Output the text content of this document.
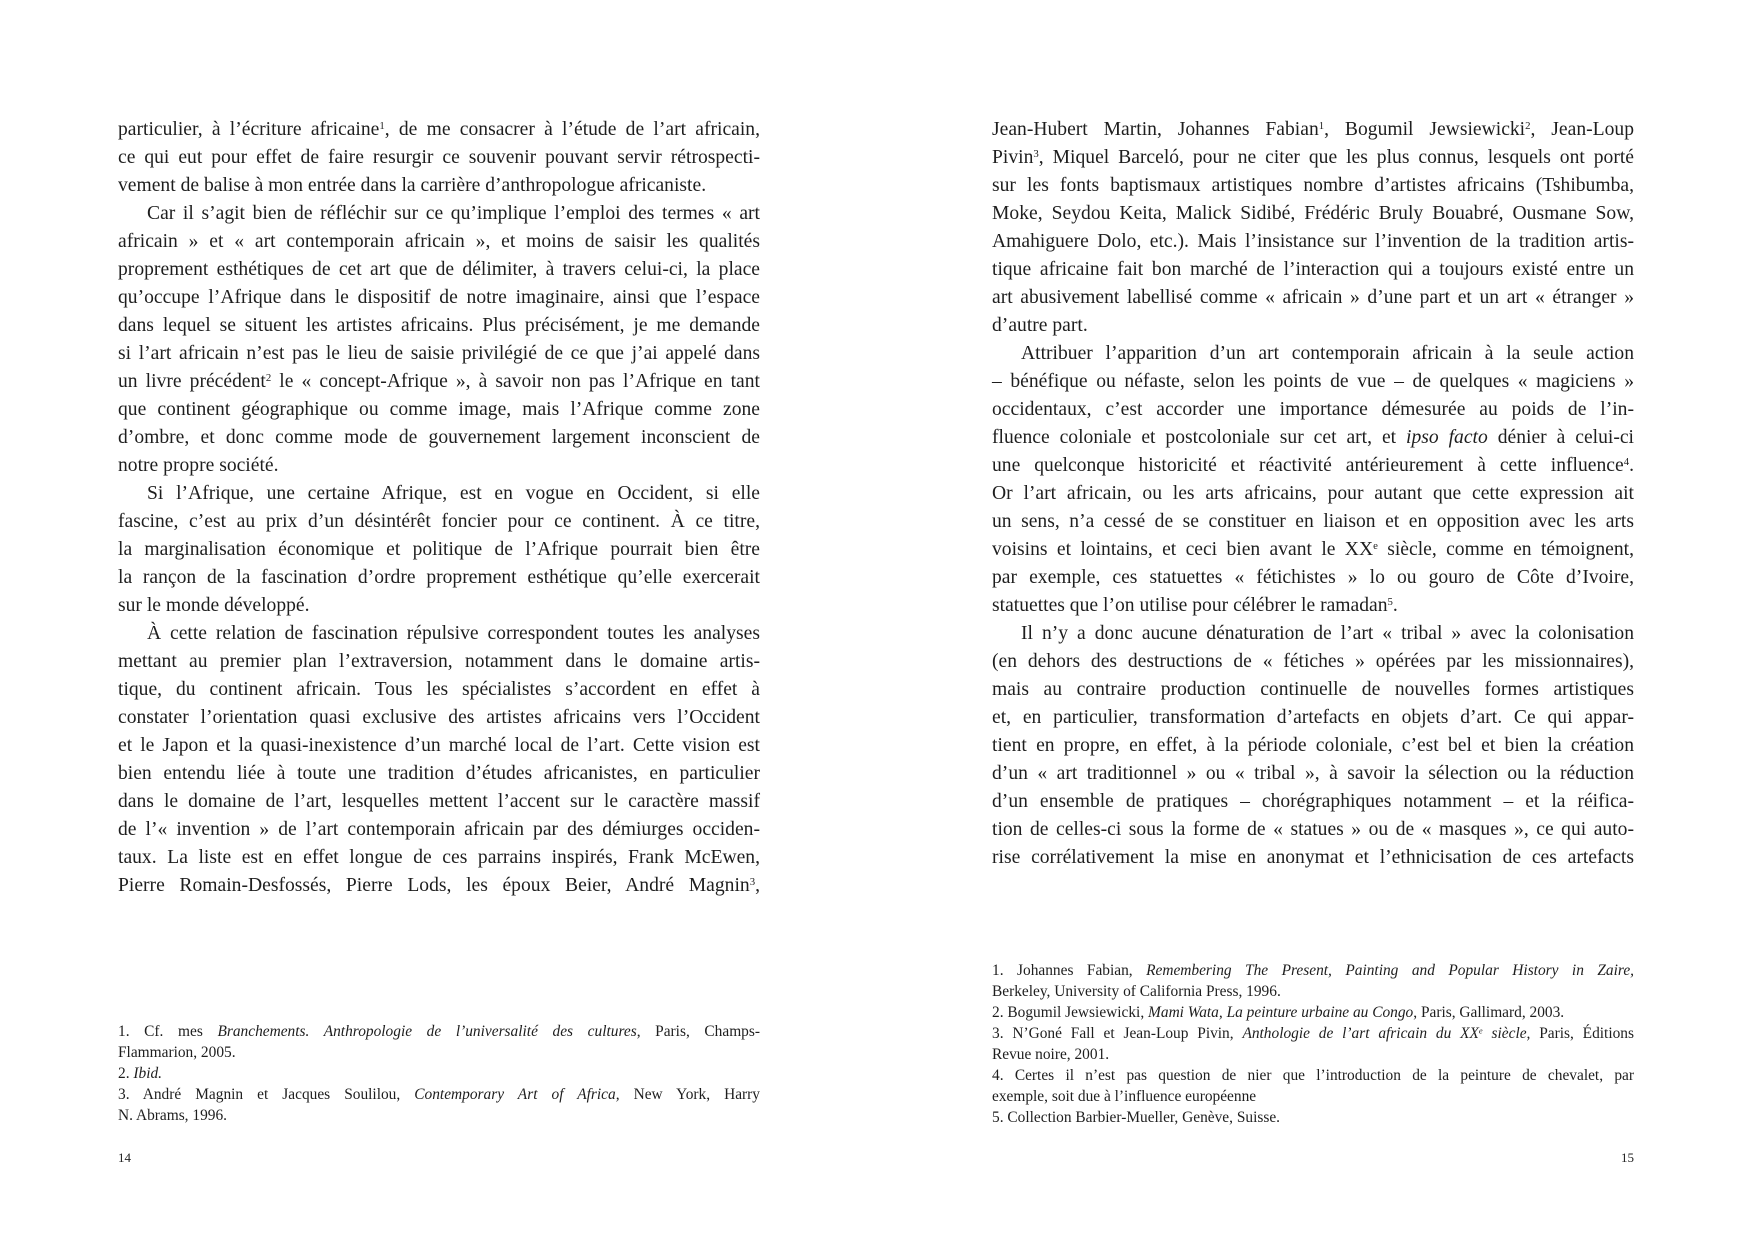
particulier, à l’écriture africaine$^1$, de me consacrer à l’étude de l’art africain,
ce qui eut pour effet de faire resurgir ce souvenir pouvant servir rétrospecti-
vement de balise à mon entrée dans la carrière d’anthropologue africaniste.
Car il s’agit bien de réfléchir sur ce qu’implique l’emploi des termes « art
africain » et « art contemporain africain », et moins de saisir les qualités
proprement esthétiques de cet art que de délimiter, à travers celui-ci, la place
qu’occupe l’Afrique dans le dispositif de notre imaginaire, ainsi que l’espace
dans lequel se situent les artistes africains. Plus précisément, je me demande
si l’art africain n’est pas le lieu de saisie privilégié de ce que j’ai appelé dans
un livre précédent$^2$ le « concept-Afrique », à savoir non pas l’Afrique en tant
que continent géographique ou comme image, mais l’Afrique comme zone
d’ombre, et donc comme mode de gouvernement largement inconscient de
notre propre société.
Si l’Afrique, une certaine Afrique, est en vogue en Occident, si elle
fascine, c’est au prix d’un désintérêt foncier pour ce continent. À ce titre,
la marginalisation économique et politique de l’Afrique pourrait bien être
la rançon de la fascination d’ordre proprement esthétique qu’elle exercerait
sur le monde développé.
À cette relation de fascination répulsive correspondent toutes les analyses
mettant au premier plan l’extraversion, notamment dans le domaine artis-
tique, du continent africain. Tous les spécialistes s’accordent en effet à
constater l’orientation quasi exclusive des artistes africains vers l’Occident
et le Japon et la quasi-inexistence d’un marché local de l’art. Cette vision est
bien entendu liée à toute une tradition d’études africanistes, en particulier
dans le domaine de l’art, lesquelles mettent l’accent sur le caractère massif
de l’« invention » de l’art contemporain africain par des démiurges occiden-
taux. La liste est en effet longue de ces parrains inspirés, Frank McEwen,
Pierre Romain-Desfossés, Pierre Lods, les époux Beier, André Magnin$^3$,
1. Cf. mes Branchements. Anthropologie de l’universalité des cultures, Paris, Champs-
Flammarion, 2005.
2. Ibid.
3. André Magnin et Jacques Soulilou, Contemporary Art of Africa, New York, Harry
N. Abrams, 1996.
14
Jean-Hubert Martin, Johannes Fabian$^1$, Bogumil Jewsiewicki$^2$, Jean-Loup
Pivin$^3$, Miquel Barceló, pour ne citer que les plus connus, lesquels ont porté
sur les fonts baptismaux artistiques nombre d’artistes africains (Tshibumba,
Moke, Seydou Keita, Malick Sidibé, Frédéric Bruly Bouabré, Ousmane Sow,
Amahiguere Dolo, etc.). Mais l’insistance sur l’invention de la tradition artis-
tique africaine fait bon marché de l’interaction qui a toujours existé entre un
art abusivement labellisé comme « africain » d’une part et un art « étranger »
d’autre part.
Attribuer l’apparition d’un art contemporain africain à la seule action
– bénéfique ou néfaste, selon les points de vue – de quelques « magiciens »
occidentaux, c’est accorder une importance démesurée au poids de l’in-
fluence coloniale et postcoloniale sur cet art, et ipso facto dénier à celui-ci
une quelconque historicité et réactivité antérieurement à cette influence$^4$.
Or l’art africain, ou les arts africains, pour autant que cette expression ait
un sens, n’a cessé de se constituer en liaison et en opposition avec les arts
voisins et lointains, et ceci bien avant le XXe siècle, comme en témoignent,
par exemple, ces statuettes « fétichistes » lo ou gouro de Côte d’Ivoire,
statuettes que l’on utilise pour célébrer le ramadan$^5$.
Il n’y a donc aucune dénaturation de l’art « tribal » avec la colonisation
(en dehors des destructions de « fétiches » opérées par les missionnaires),
mais au contraire production continuelle de nouvelles formes artistiques
et, en particulier, transformation d’artefacts en objets d’art. Ce qui appar-
tient en propre, en effet, à la période coloniale, c’est bel et bien la création
d’un « art traditionnel » ou « tribal », à savoir la sélection ou la réduction
d’un ensemble de pratiques – chorégraphiques notamment – et la réifica-
tion de celles-ci sous la forme de « statues » ou de « masques », ce qui auto-
rise corrélativement la mise en anonymat et l’ethnicisation de ces artefacts
1. Johannes Fabian, Remembering The Present, Painting and Popular History in Zaire,
Berkeley, University of California Press, 1996.
2. Bogumil Jewsiewicki, Mami Wata, La peinture urbaine au Congo, Paris, Gallimard, 2003.
3. N’Goné Fall et Jean-Loup Pivin, Anthologie de l’art africain du XXe siècle, Paris, Éditions
Revue noire, 2001.
4. Certes il n’est pas question de nier que l’introduction de la peinture de chevalet, par
exemple, soit due à l’influence européenne
5. Collection Barbier-Mueller, Genève, Suisse.
15
